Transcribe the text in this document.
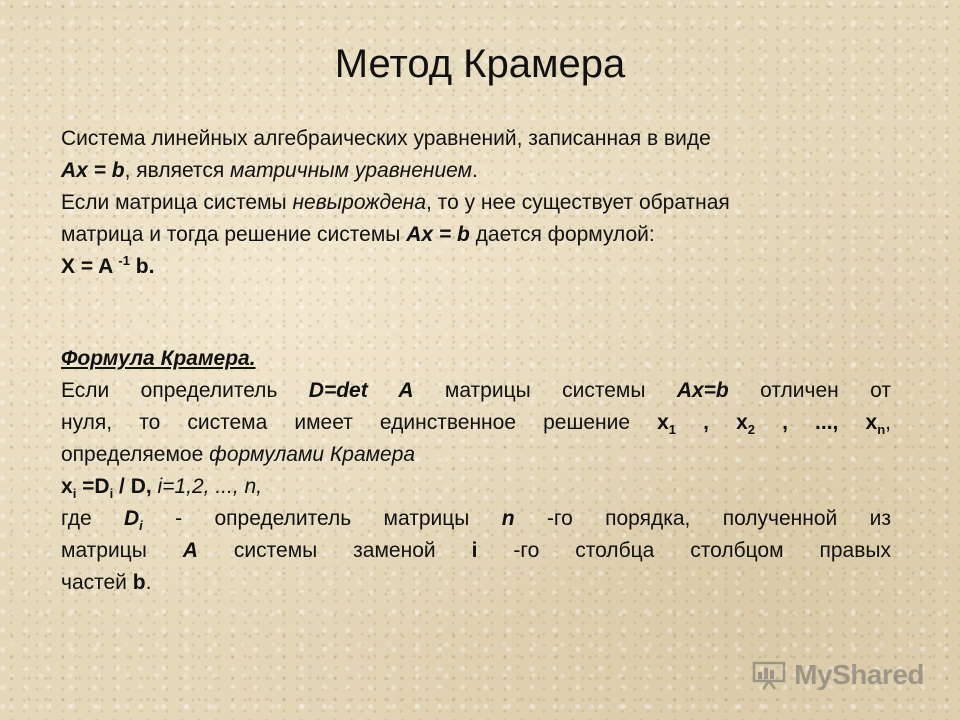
Метод Крамера
Система линейных алгебраических уравнений, записанная в виде
Ax = b, является матричным уравнением.
Если матрица системы невырождена, то у нее существует обратная
матрица и тогда решение системы Ax = b дается формулой:
X = A $^{-1}$ b.
Формула Крамера.
Если определитель D=det A матрицы системы Ax=b отличен от
нуля, то система имеет единственное решение $x_1$ , $x_2$ , ..., $x_n$,
определяемое формулами Крамера
$x_i =D_i / D$, i=1,2, ..., n,
где $D_i$ - определитель матрицы n -го порядка, полученной из
матрицы A системы заменой i -го столбца столбцом правых
частей b.
MyShared
